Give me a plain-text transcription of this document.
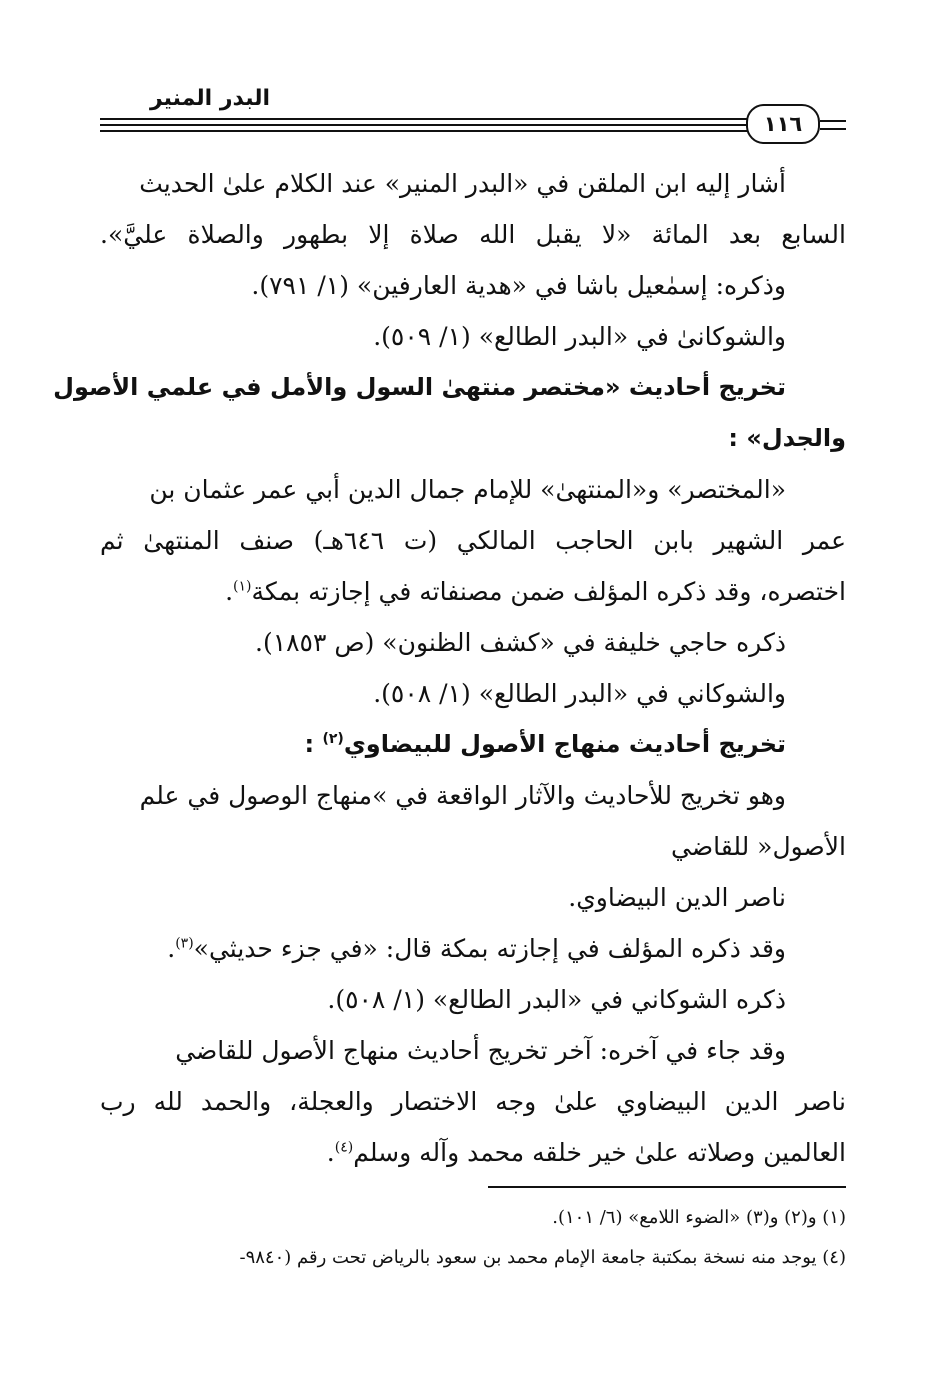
البدر المنير
١١٦
أشار إليه ابن الملقن في «البدر المنير» عند الكلام علىٰ الحديث
السابع بعد المائة «لا يقبل الله صلاة إلا بطهور والصلاة عليَّ».
وذكره: إسمٰعيل باشا في «هدية العارفين» (١/ ٧٩١).
والشوكانىٰ في «البدر الطالع» (١/ ٥٠٩).
تخريج أحاديث «مختصر منتهىٰ السول والأمل في علمي الأصول
والجدل» :
«المختصر» و«المنتهىٰ» للإمام جمال الدين أبي عمر عثمان بن
عمر الشهير بابن الحاجب المالكي (ت ٦٤٦هـ) صنف المنتهىٰ ثم
اختصره، وقد ذكره المؤلف ضمن مصنفاته في إجازته بمكة$^{(١)}$.
ذكره حاجي خليفة في «كشف الظنون» (ص ١٨٥٣).
والشوكاني في «البدر الطالع» (١/ ٥٠٨).
تخريج أحاديث منهاج الأصول للبيضاوي$^{(٢)}$ :
وهو تخريج للأحاديث والآثار الواقعة في »منهاج الوصول في علم
الأصول« للقاضي
ناصر الدين البيضاوي.
وقد ذكره المؤلف في إجازته بمكة قال: «في جزء حديثي»$^{(٣)}$.
ذكره الشوكاني في «البدر الطالع» (١/ ٥٠٨).
وقد جاء في آخره: آخر تخريج أحاديث منهاج الأصول للقاضي
ناصر الدين البيضاوي علىٰ وجه الاختصار والعجلة، والحمد لله رب
العالمين وصلاته علىٰ خير خلقه محمد وآله وسلم$^{(٤)}$.
(١) و(٢) و(٣) «الضوء اللامع» (٦/ ١٠١).
(٤) يوجد منه نسخة بمكتبة جامعة الإمام محمد بن سعود بالرياض تحت رقم (٩٨٤٠-
